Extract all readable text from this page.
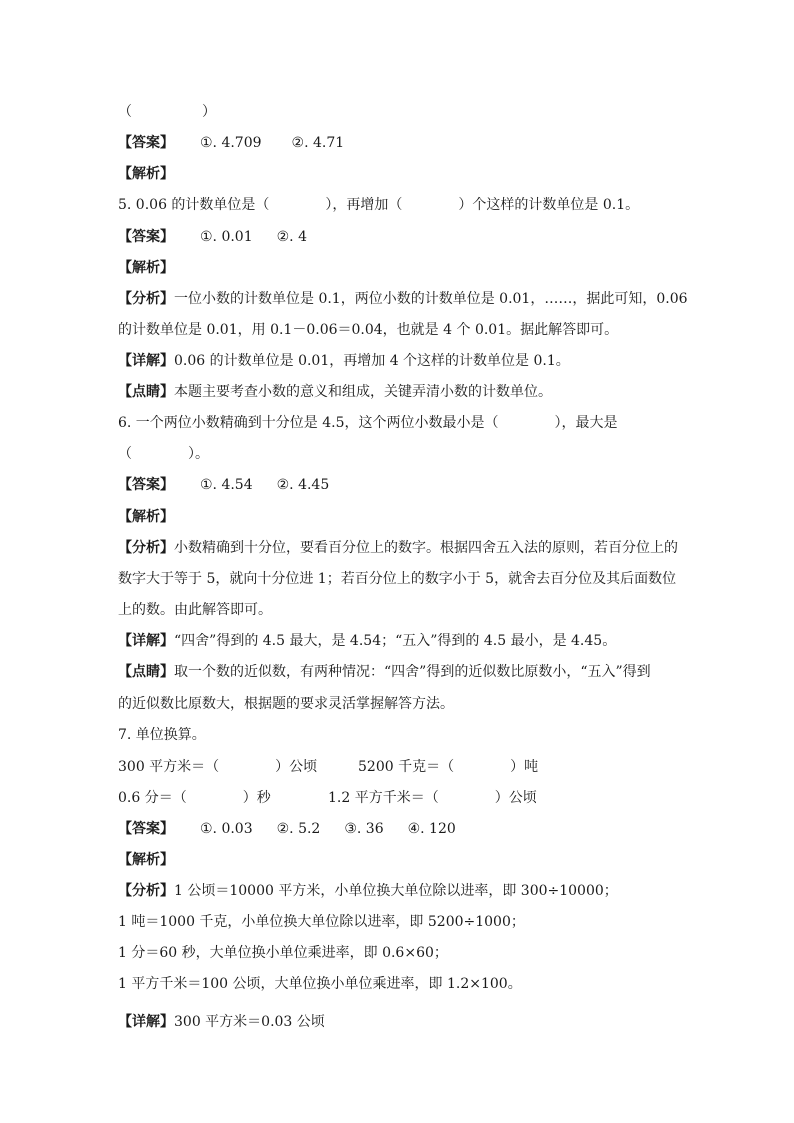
（　　　　　）
【答案】 ①. 4.709 ②. 4.71
【解析】
5. 0.06 的计数单位是（　　　　），再增加（　　　　）个这样的计数单位是 0.1。
【答案】 ①. 0.01 ②. 4
【解析】
【分析】一位小数的计数单位是 0.1，两位小数的计数单位是 0.01，……，据此可知，0.06
的计数单位是 0.01，用 0.1－0.06＝0.04，也就是 4 个 0.01。据此解答即可。
【详解】0.06 的计数单位是 0.01，再增加 4 个这样的计数单位是 0.1。
【点睛】本题主要考查小数的意义和组成，关键弄清小数的计数单位。
6. 一个两位小数精确到十分位是 4.5，这个两位小数最小是（　　　　），最大是
（　　　　）。
【答案】 ①. 4.54 ②. 4.45
【解析】
【分析】小数精确到十分位，要看百分位上的数字。根据四舍五入法的原则，若百分位上的
数字大于等于 5，就向十分位进 1；若百分位上的数字小于 5，就舍去百分位及其后面数位
上的数。由此解答即可。
【详解】“四舍”得到的 4.5 最大，是 4.54；“五入”得到的 4.5 最小，是 4.45。
【点睛】取一个数的近似数，有两种情况：“四舍”得到的近似数比原数小，“五入”得到
的近似数比原数大，根据题的要求灵活掌握解答方法。
7. 单位换算。
300 平方米＝（　　　　）公顷	5200 千克＝（　　　　）吨
0.6 分＝（　　　　）秒	1.2 平方千米＝（　　　　）公顷
【答案】 ①. 0.03 ②. 5.2 ③. 36 ④. 120
【解析】
【分析】1 公顷＝10000 平方米，小单位换大单位除以进率，即 300÷10000；
1 吨＝1000 千克，小单位换大单位除以进率，即 5200÷1000；
1 分＝60 秒，大单位换小单位乘进率，即 0.6×60；
1 平方千米＝100 公顷，大单位换小单位乘进率，即 1.2×100。
【详解】300 平方米＝0.03 公顷
